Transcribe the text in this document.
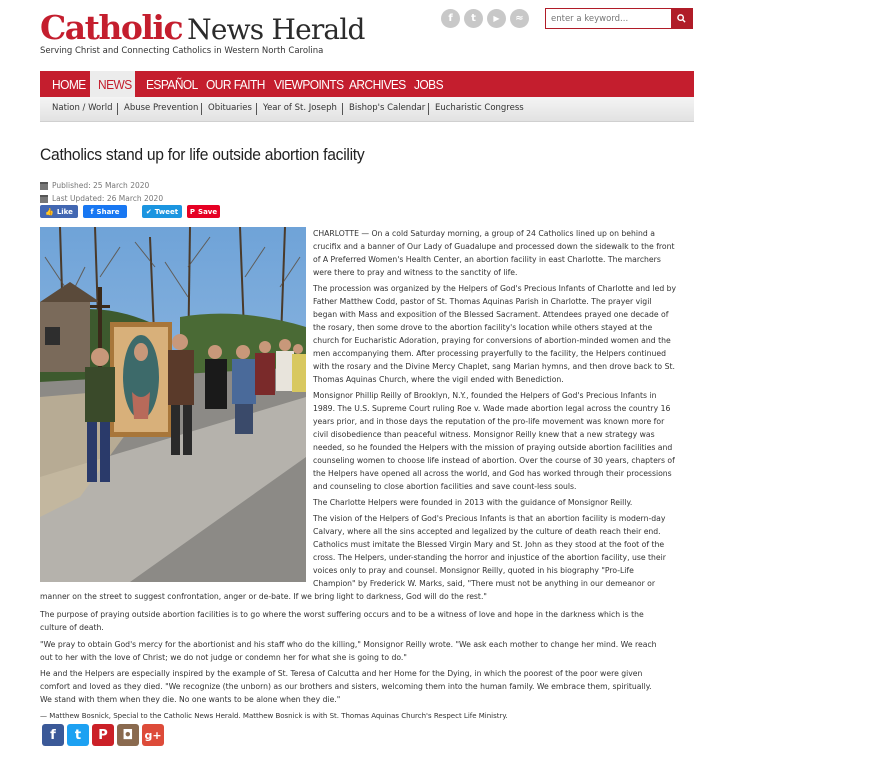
Catholic News Herald
Serving Christ and Connecting Catholics in Western North Carolina
f	t	▶	≈
enter a keyword...
HOME NEWS ESPAÑOL OUR FAITH VIEWPOINTS ARCHIVES JOBS
Nation / World Abuse Prevention Obituaries Year of St. Joseph Bishop's Calendar Eucharistic Congress
Catholics stand up for life outside abortion facility
Published: 25 March 2020
Last Updated: 26 March 2020
👍 Like	f Share	✔ Tweet P Save
CHARLOTTE — On a cold Saturday morning, a group of 24 Catholics lined up on behind a
crucifix and a banner of Our Lady of Guadalupe and processed down the sidewalk to the front
of A Preferred Women's Health Center, an abortion facility in east Charlotte. The marchers
were there to pray and witness to the sanctity of life.
The procession was organized by the Helpers of God's Precious Infants of Charlotte and led by
Father Matthew Codd, pastor of St. Thomas Aquinas Parish in Charlotte. The prayer vigil
began with Mass and exposition of the Blessed Sacrament. Attendees prayed one decade of
the rosary, then some drove to the abortion facility's location while others stayed at the
church for Eucharistic Adoration, praying for conversions of abortion-minded women and the
men accompanying them. After processing prayerfully to the facility, the Helpers continued
with the rosary and the Divine Mercy Chaplet, sang Marian hymns, and then drove back to St.
Thomas Aquinas Church, where the vigil ended with Benediction.
Monsignor Phillip Reilly of Brooklyn, N.Y., founded the Helpers of God's Precious Infants in
1989. The U.S. Supreme Court ruling Roe v. Wade made abortion legal across the country 16
years prior, and in those days the reputation of the pro-life movement was known more for
civil disobedience than peaceful witness. Monsignor Reilly knew that a new strategy was
needed, so he founded the Helpers with the mission of praying outside abortion facilities and
counseling women to choose life instead of abortion. Over the course of 30 years, chapters of
the Helpers have opened all across the world, and God has worked through their processions
and counseling to close abortion facilities and save count-less souls.
The Charlotte Helpers were founded in 2013 with the guidance of Monsignor Reilly.
The vision of the Helpers of God's Precious Infants is that an abortion facility is modern-day
Calvary, where all the sins accepted and legalized by the culture of death reach their end.
Catholics must imitate the Blessed Virgin Mary and St. John as they stood at the foot of the
cross. The Helpers, under-standing the horror and injustice of the abortion facility, use their
voices only to pray and counsel. Monsignor Reilly, quoted in his biography "Pro-Life
Champion" by Frederick W. Marks, said, "There must not be anything in our demeanor or
manner on the street to suggest confrontation, anger or de-bate. If we bring light to darkness, God will do the rest."
The purpose of praying outside abortion facilities is to go where the worst suffering occurs and to be a witness of love and hope in the darkness which is the
culture of death.
"We pray to obtain God's mercy for the abortionist and his staff who do the killing," Monsignor Reilly wrote. "We ask each mother to change her mind. We reach
out to her with the love of Christ; we do not judge or condemn her for what she is going to do."
He and the Helpers are especially inspired by the example of St. Teresa of Calcutta and her Home for the Dying, in which the poorest of the poor were given
comfort and loved as they died. "We recognize (the unborn) as our brothers and sisters, welcoming them into the human family. We embrace them, spiritually.
We stand with them when they die. No one wants to be alone when they die."
— Matthew Bosnick, Special to the Catholic News Herald. Matthew Bosnick is with St. Thomas Aquinas Church's Respect Life Ministry.
f	t	P	◘ g+
